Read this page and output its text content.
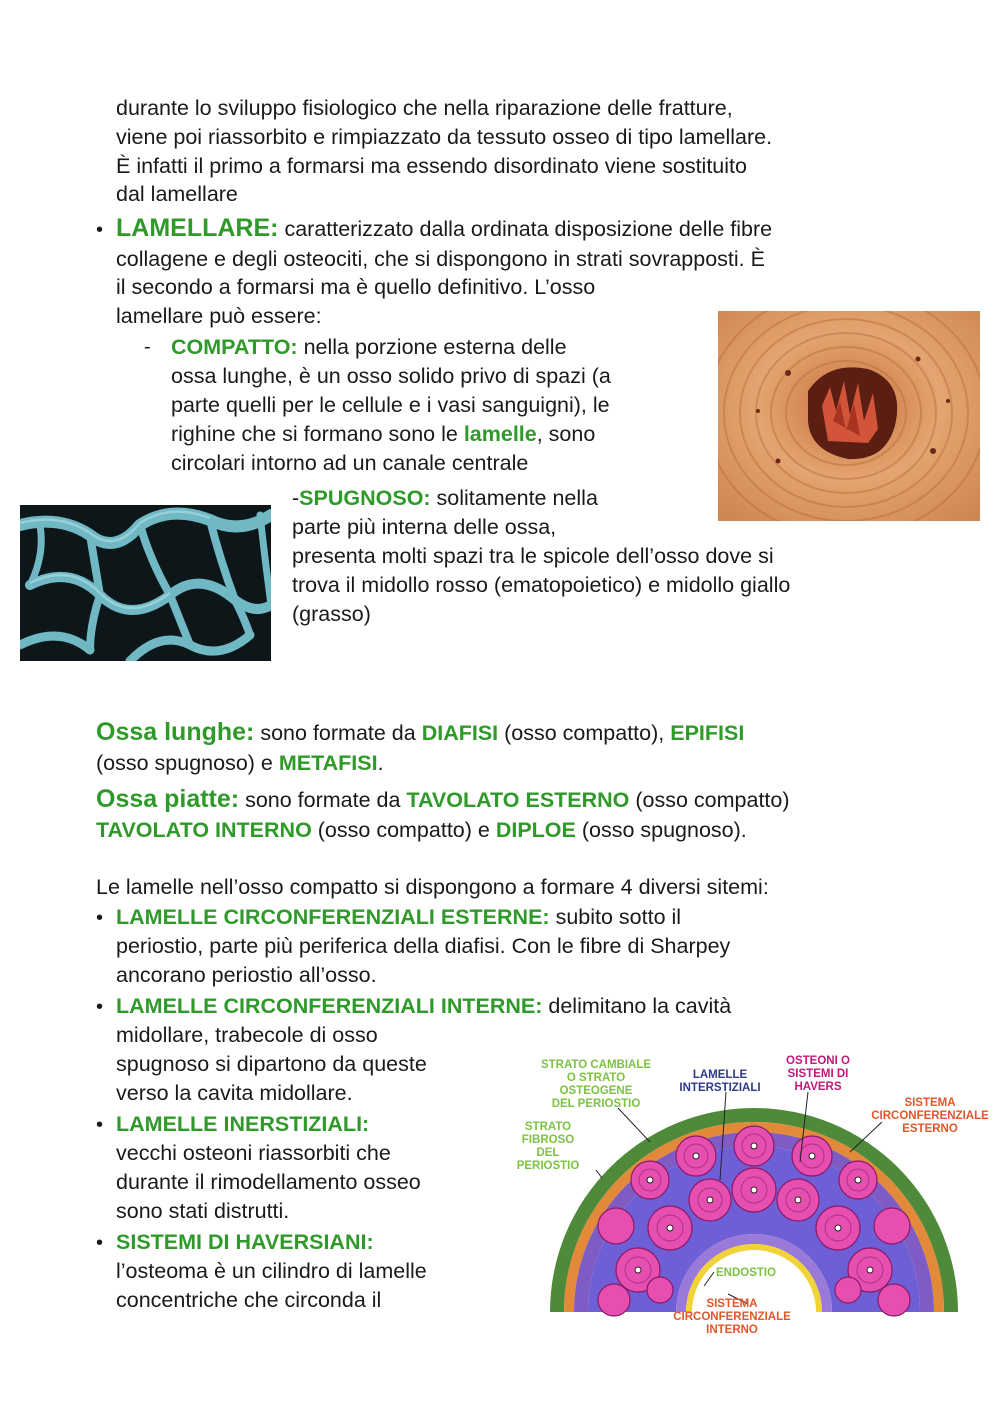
durante lo sviluppo fisiologico che nella riparazione delle fratture,

viene poi riassorbito e rimpiazzato da tessuto osseo di tipo lamellare.

È infatti il primo a formarsi ma essendo disordinato viene sostituito

dal lamellare

• LAMELLARE: caratterizzato dalla ordinata disposizione delle fibre

collagene e degli osteociti, che si dispongono in strati sovrapposti. È

il secondo a formarsi ma è quello definitivo. L’osso

lamellare può essere:

- COMPATTO: nella porzione esterna delle

ossa lunghe, è un osso solido privo di spazi (a

parte quelli per le cellule e i vasi sanguigni), le

righine che si formano sono le lamelle, sono

circolari intorno ad un canale centrale

-SPUGNOSO: solitamente nella

parte più interna delle ossa,

presenta molti spazi tra le spicole dell’osso dove si

trova il midollo rosso (ematopoietico) e midollo giallo

(grasso)

Ossa lunghe: sono formate da DIAFISI (osso compatto), EPIFISI

(osso spugnoso) e METAFISI.

Ossa piatte: sono formate da TAVOLATO ESTERNO (osso compatto)

TAVOLATO INTERNO (osso compatto) e DIPLOE (osso spugnoso).

Le lamelle nell’osso compatto si dispongono a formare 4 diversi sitemi:

• LAMELLE CIRCONFERENZIALI ESTERNE: subito sotto il

periostio, parte più periferica della diafisi. Con le fibre di Sharpey

ancorano periostio all’osso.

• LAMELLE CIRCONFERENZIALI INTERNE: delimitano la cavità

midollare, trabecole di osso

spugnoso si dipartono da queste

verso la cavita midollare.

• LAMELLE INERSTIZIALI:

vecchi osteoni riassorbiti che

durante il rimodellamento osseo

sono stati distrutti.

• SISTEMI DI HAVERSIANI:

l’osteoma è un cilindro di lamelle

concentriche che circonda il

STRATO CAMBIALE
O STRATO
OSTEOGENE
DEL PERIOSTIO
LAMELLE
INTERSTIZIALI
OSTEONI O
SISTEMI DI
HAVERS
SISTEMA
CIRCONFERENZIALE
ESTERNO
STRATO
FIBROSO
DEL
PERIOSTIO
ENDOSTIO
SISTEMA
CIRCONFERENZIALE
INTERNO
